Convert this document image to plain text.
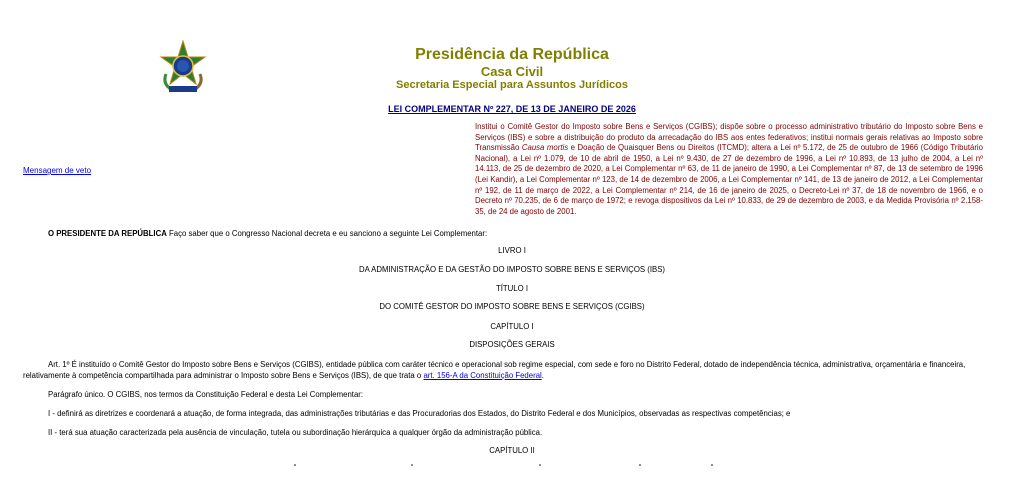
Presidência da República
Casa Civil
Secretaria Especial para Assuntos Jurídicos
LEI COMPLEMENTAR Nº 227, DE 13 DE JANEIRO DE 2026
Mensagem de veto
Institui o Comitê Gestor do Imposto sobre Bens e Serviços (CGIBS); dispõe sobre o processo administrativo tributário do Imposto sobre Bens e Serviços (IBS) e sobre a distribuição do produto da arrecadação do IBS aos entes federativos; institui normais gerais relativas ao Imposto sobre Transmissão Causa mortis e Doação de Quaisquer Bens ou Direitos (ITCMD); altera a Lei nº 5.172, de 25 de outubro de 1966 (Código Tributário Nacional), a Lei nº 1.079, de 10 de abril de 1950, a Lei nº 9.430, de 27 de dezembro de 1996, a Lei nº 10.893, de 13 julho de 2004, a Lei nº 14.113, de 25 de dezembro de 2020, a Lei Complementar nº 63, de 11 de janeiro de 1990, a Lei Complementar nº 87, de 13 de setembro de 1996 (Lei Kandir), a Lei Complementar nº 123, de 14 de dezembro de 2006, a Lei Complementar nº 141, de 13 de janeiro de 2012, a Lei Complementar nº 192, de 11 de março de 2022, a Lei Complementar nº 214, de 16 de janeiro de 2025, o Decreto-Lei nº 37, de 18 de novembro de 1966, e o Decreto nº 70.235, de 6 de março de 1972; e revoga dispositivos da Lei nº 10.833, de 29 de dezembro de 2003, e da Medida Provisória nº 2.158-35, de 24 de agosto de 2001.
O PRESIDENTE DA REPÚBLICA Faço saber que o Congresso Nacional decreta e eu sanciono a seguinte Lei Complementar:
LIVRO I
DA ADMINISTRAÇÃO E DA GESTÃO DO IMPOSTO SOBRE BENS E SERVIÇOS (IBS)
TÍTULO I
DO COMITÊ GESTOR DO IMPOSTO SOBRE BENS E SERVIÇOS (CGIBS)
CAPÍTULO I
DISPOSIÇÕES GERAIS
Art. 1º É instituído o Comitê Gestor do Imposto sobre Bens e Serviços (CGIBS), entidade pública com caráter técnico e operacional sob regime especial, com sede e foro no Distrito Federal, dotado de independência técnica, administrativa, orçamentária e financeira, relativamente à competência compartilhada para administrar o Imposto sobre Bens e Serviços (IBS), de que trata o art. 156-A da Constituição Federal.
Parágrafo único. O CGIBS, nos termos da Constituição Federal e desta Lei Complementar:
I - definirá as diretrizes e coordenará a atuação, de forma integrada, das administrações tributárias e das Procuradorias dos Estados, do Distrito Federal e dos Municípios, observadas as respectivas competências; e
II - terá sua atuação caracterizada pela ausência de vinculação, tutela ou subordinação hierárquica a qualquer órgão da administração pública.
CAPÍTULO II
